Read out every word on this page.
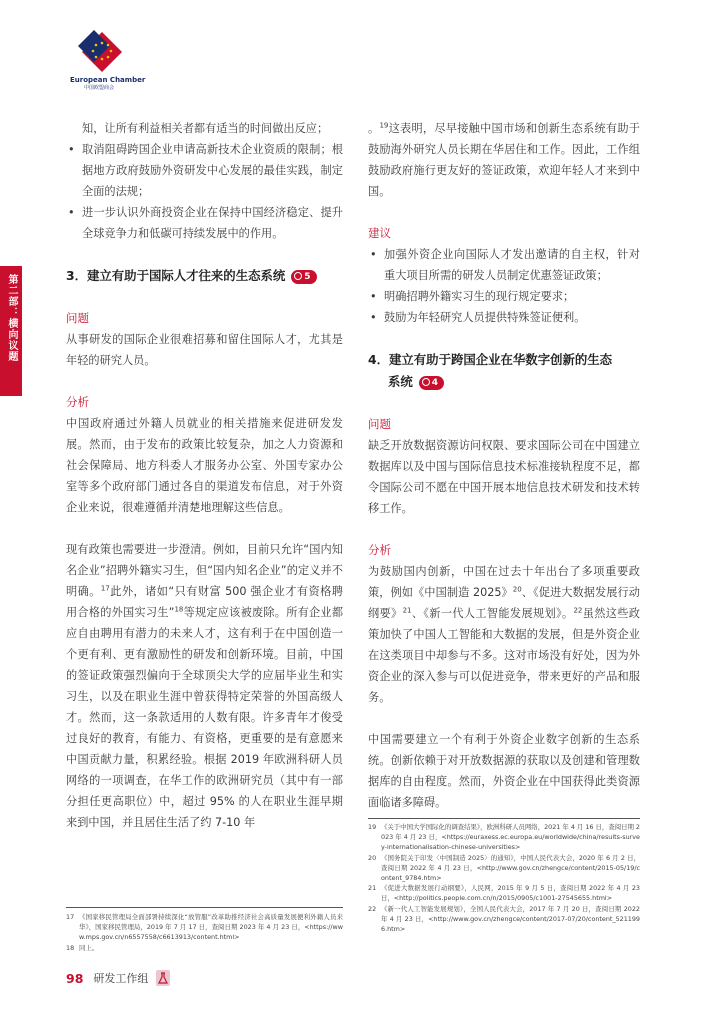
European Chamber
中国欧盟商会
第二部：横向议题

知，让所有利益相关者都有适当的时间做出反应；

• 取消阻碍跨国企业申请高新技术企业资质的限制；根据地方政府鼓励外资研发中心发展的最佳实践，制定全面的法规；
• 进一步认识外商投资企业在保持中国经济稳定、提升全球竞争力和低碳可持续发展中的作用。
3．建立有助于国际人才往来的生态系统 5
问题

从事研发的国际企业很难招募和留住国际人才，尤其是年轻的研究人员。

分析

中国政府通过外籍人员就业的相关措施来促进研发发展。然而，由于发布的政策比较复杂，加之人力资源和社会保障局、地方科委人才服务办公室、外国专家办公室等多个政府部门通过各自的渠道发布信息，对于外资企业来说，很难遵循并清楚地理解这些信息。

现有政策也需要进一步澄清。例如，目前只允许“国内知名企业”招聘外籍实习生，但“国内知名企业”的定义并不明确。$^{17}$此外，诸如“只有财富 500 强企业才有资格聘用合格的外国实习生”$^{18}$等规定应该被废除。所有企业都应自由聘用有潜力的未来人才，这有利于在中国创造一个更有利、更有激励性的研发和创新环境。目前，中国的签证政策强烈偏向于全球顶尖大学的应届毕业生和实习生，以及在职业生涯中曾获得特定荣誉的外国高级人才。然而，这一条款适用的人数有限。许多青年才俊受过良好的教育，有能力、有资格，更重要的是有意愿来中国贡献力量，积累经验。根据 2019 年欧洲科研人员网络的一项调查，在华工作的欧洲研究员（其中有一部分担任更高职位）中，超过 95% 的人在职业生涯早期来到中国，并且居住生活了约 7-10 年

17 《国家移民管理局全面部署持续深化“放管服”改革助推经济社会高质量发展便利外籍人员来华》，国家移民管理局，2019 年 7 月 17 日，查阅日期 2023 年 4 月 23 日，<https://www.mps.gov.cn/n6557558/c6613913/content.html>
18 同上。

。$^{19}$这表明，尽早接触中国市场和创新生态系统有助于鼓励海外研究人员长期在华居住和工作。因此，工作组鼓励政府施行更友好的签证政策，欢迎年轻人才来到中国。

建议
• 加强外资企业向国际人才发出邀请的自主权，针对重大项目所需的研发人员制定优惠签证政策；
• 明确招聘外籍实习生的现行规定要求；
• 鼓励为年轻研究人员提供特殊签证便利。
4．建立有助于跨国企业在华数字创新的生态
系统 4
问题

缺乏开放数据资源访问权限、要求国际公司在中国建立数据库以及中国与国际信息技术标准接轨程度不足，都令国际公司不愿在中国开展本地信息技术研发和技术转移工作。

分析

为鼓励国内创新，中国在过去十年出台了多项重要政策，例如《中国制造 2025》$^{20}$、《促进大数据发展行动纲要》$^{21}$、《新一代人工智能发展规划》。$^{22}$虽然这些政策加快了中国人工智能和大数据的发展，但是外资企业在这类项目中却参与不多。这对市场没有好处，因为外资企业的深入参与可以促进竞争，带来更好的产品和服务。

中国需要建立一个有利于外资企业数字创新的生态系统。创新依赖于对开放数据源的获取以及创建和管理数据库的自由程度。然而，外资企业在中国获得此类资源面临诸多障碍。

19 《关于中国大学国际化的调查结果》，欧洲科研人员网络，2021 年 4 月 16 日，查阅日期 2023 年 4 月 23 日，<https://euraxess.ec.europa.eu/worldwide/china/results-survey-internationalisation-chinese-universities>
20 《国务院关于印发〈中国制造 2025〉的通知》，中国人民代表大会，2020 年 6 月 2 日，查阅日期 2022 年 4 月 23 日，<http://www.gov.cn/zhengce/content/2015-05/19/content_9784.htm>
21 《促进大数据发展行动纲要》，人民网，2015 年 9 月 5 日，查阅日期 2022 年 4 月 23 日，<http://politics.people.com.cn/n/2015/0905/c1001-27545655.html>
22 《新一代人工智能发展规划》，全国人民代表大会，2017 年 7 月 20 日，查阅日期 2022 年 4 月 23 日，<http://www.gov.cn/zhengce/content/2017-07/20/content_5211996.htm>
98 研发工作组
